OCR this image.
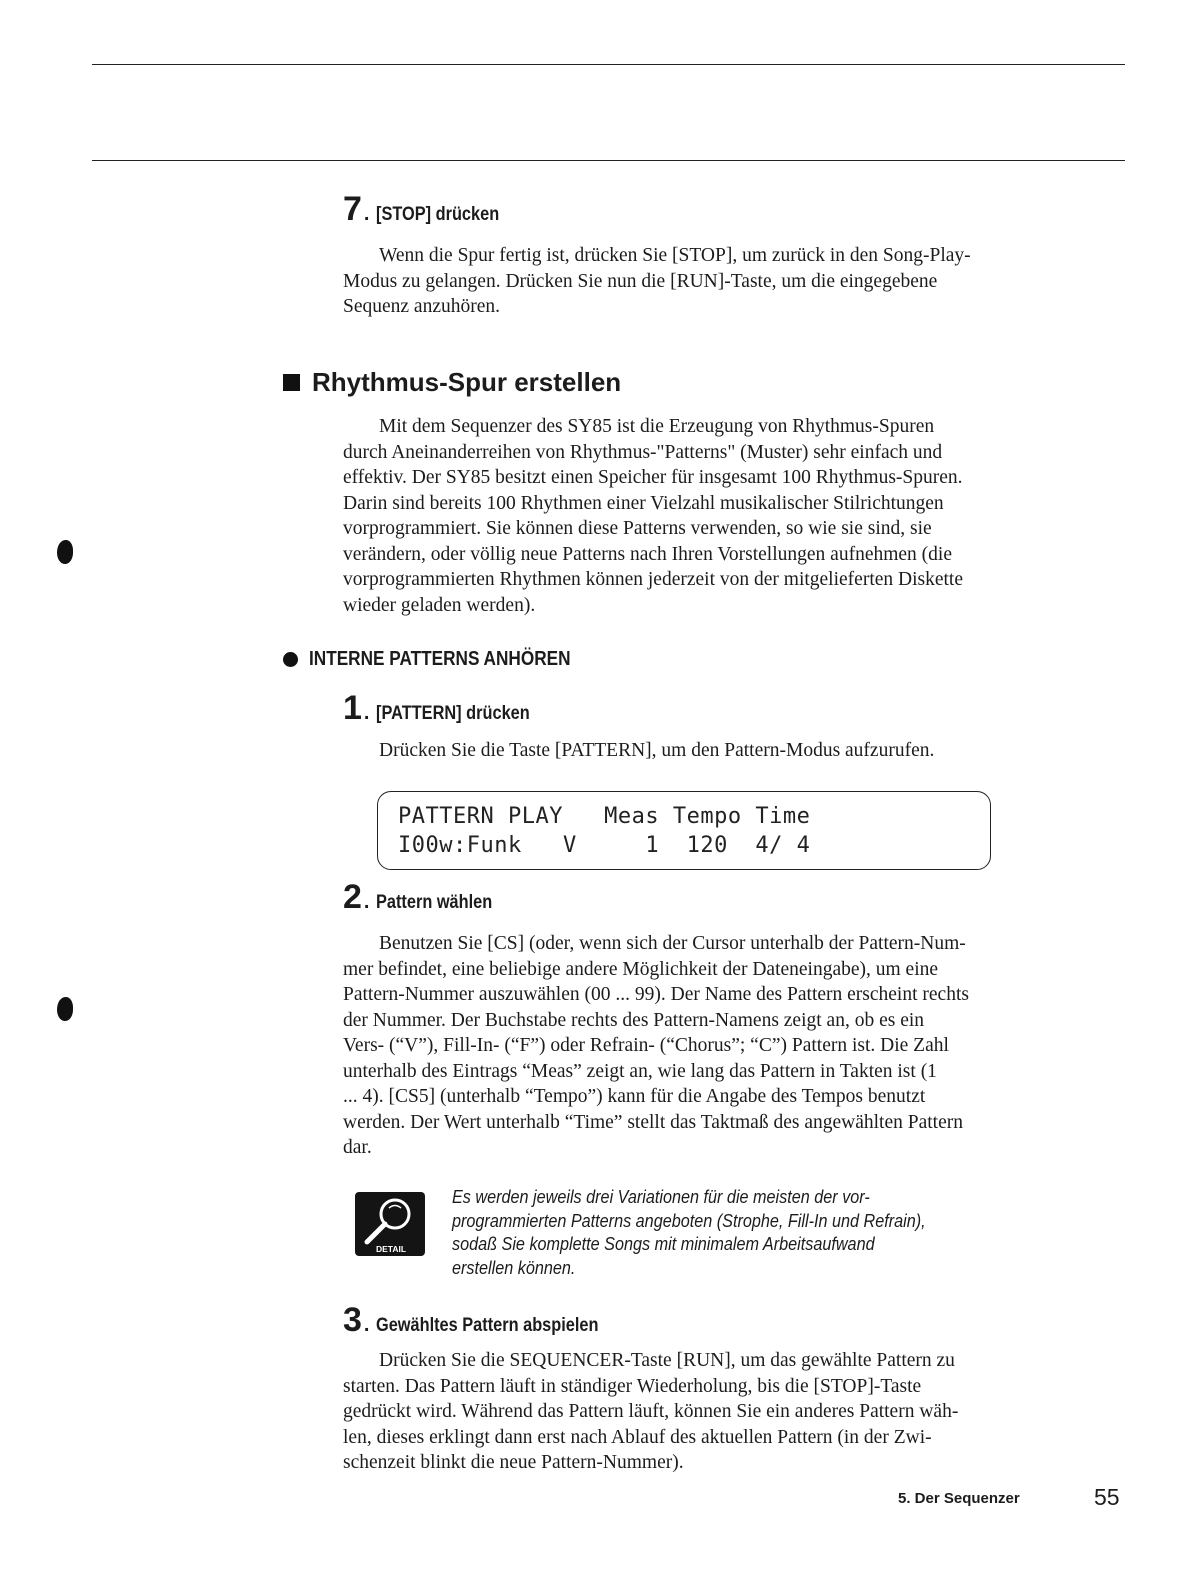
7 . [STOP] drücken

Wenn die Spur fertig ist, drücken Sie [STOP], um zurück in den Song-Play-

Modus zu gelangen. Drücken Sie nun die [RUN]-Taste, um die eingegebene

Sequenz anzuhören.

Rhythmus-Spur erstellen

Mit dem Sequenzer des SY85 ist die Erzeugung von Rhythmus-Spuren

durch Aneinanderreihen von Rhythmus-"Patterns" (Muster) sehr einfach und

effektiv. Der SY85 besitzt einen Speicher für insgesamt 100 Rhythmus-Spuren.

Darin sind bereits 100 Rhythmen einer Vielzahl musikalischer Stilrichtungen

vorprogrammiert. Sie können diese Patterns verwenden, so wie sie sind, sie

verändern, oder völlig neue Patterns nach Ihren Vorstellungen aufnehmen (die

vorprogrammierten Rhythmen können jederzeit von der mitgelieferten Diskette

wieder geladen werden).

INTERNE PATTERNS ANHÖREN
1 . [PATTERN] drücken

Drücken Sie die Taste [PATTERN], um den Pattern-Modus aufzurufen.

PATTERN PLAY   Meas Tempo Time
I00w:Funk   V     1  120  4/ 4
2 . Pattern wählen

Benutzen Sie [CS] (oder, wenn sich der Cursor unterhalb der Pattern-Num-

mer befindet, eine beliebige andere Möglichkeit der Dateneingabe), um eine

Pattern-Nummer auszuwählen (00 ... 99). Der Name des Pattern erscheint rechts

der Nummer. Der Buchstabe rechts des Pattern-Namens zeigt an, ob es ein

Vers- (“V”), Fill-In- (“F”) oder Refrain- (“Chorus”; “C”) Pattern ist. Die Zahl

unterhalb des Eintrags “Meas” zeigt an, wie lang das Pattern in Takten ist (1

... 4). [CS5] (unterhalb “Tempo”) kann für die Angabe des Tempos benutzt

werden. Der Wert unterhalb “Time” stellt das Taktmaß des angewählten Pattern

dar.

DETAIL
Es werden jeweils drei Variationen für die meisten der vor-
programmierten Patterns angeboten (Strophe, Fill-In und Refrain),
sodaß Sie komplette Songs mit minimalem Arbeitsaufwand
erstellen können.
3 . Gewähltes Pattern abspielen

Drücken Sie die SEQUENCER-Taste [RUN], um das gewählte Pattern zu

starten. Das Pattern läuft in ständiger Wiederholung, bis die [STOP]-Taste

gedrückt wird. Während das Pattern läuft, können Sie ein anderes Pattern wäh-

len, dieses erklingt dann erst nach Ablauf des aktuellen Pattern (in der Zwi-

schenzeit blinkt die neue Pattern-Nummer).

5. Der Sequenzer	55
